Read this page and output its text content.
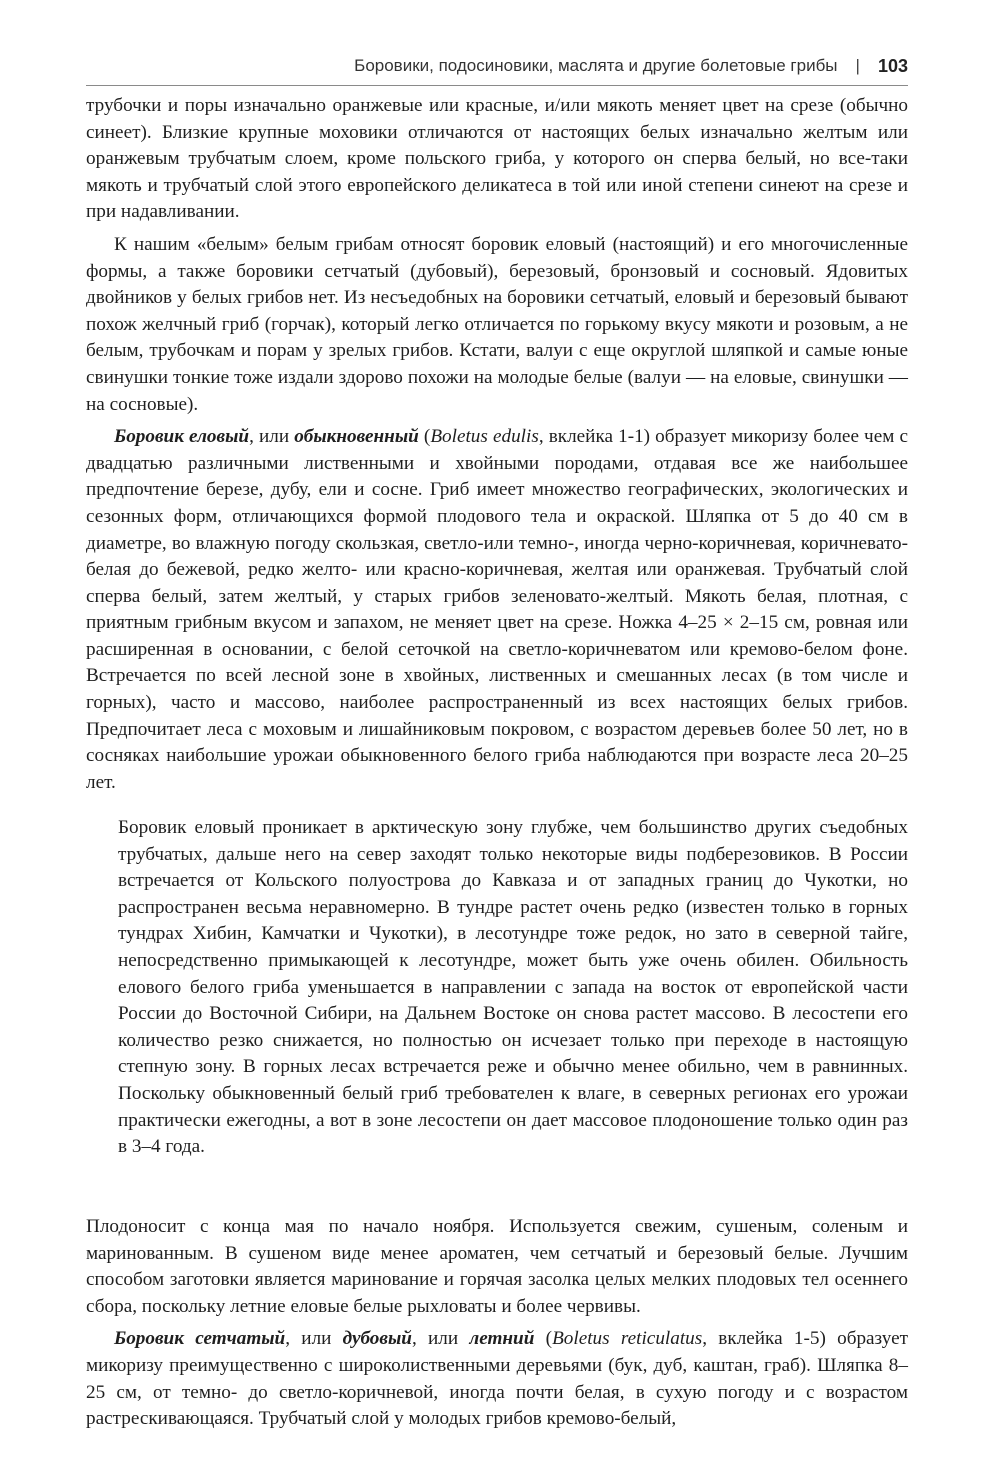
Боровики, подосиновики, маслята и другие болетовые грибы | 103

трубочки и поры изначально оранжевые или красные, и/или мякоть меняет цвет на срезе (обычно синеет). Близкие крупные моховики отличаются от настоящих белых изначально желтым или оранжевым трубчатым слоем, кроме польского гриба, у которого он сперва белый, но все-таки мякоть и трубчатый слой этого европейского деликатеса в той или иной степени синеют на срезе и при надавливании.

К нашим «белым» белым грибам относят боровик еловый (настоящий) и его многочисленные формы, а также боровики сетчатый (дубовый), березовый, бронзовый и сосновый. Ядовитых двойников у белых грибов нет. Из несъедобных на боровики сетчатый, еловый и березовый бывают похож желчный гриб (горчак), который легко отличается по горькому вкусу мякоти и розовым, а не белым, трубочкам и порам у зрелых грибов. Кстати, валуи с еще округлой шляпкой и самые юные свинушки тонкие тоже издали здорово похожи на молодые белые (валуи — на еловые, свинушки — на сосновые).

Боровик еловый, или обыкновенный (Boletus edulis, вклейка 1-1) образует микоризу более чем с двадцатью различными лиственными и хвойными породами, отдавая все же наибольшее предпочтение березе, дубу, ели и сосне. Гриб имеет множество географических, экологических и сезонных форм, отличающихся формой плодового тела и окраской. Шляпка от 5 до 40 см в диаметре, во влажную погоду скользкая, светло-или темно-, иногда черно-коричневая, коричневато-белая до бежевой, редко желто- или красно-коричневая, желтая или оранжевая. Трубчатый слой сперва белый, затем желтый, у старых грибов зеленовато-желтый. Мякоть белая, плотная, с приятным грибным вкусом и запахом, не меняет цвет на срезе. Ножка 4–25 × 2–15 см, ровная или расширенная в основании, с белой сеточкой на светло-коричневатом или кремово-белом фоне. Встречается по всей лесной зоне в хвойных, лиственных и смешанных лесах (в том числе и горных), часто и массово, наиболее распространенный из всех настоящих белых грибов. Предпочитает леса с моховым и лишайниковым покровом, с возрастом деревьев более 50 лет, но в сосняках наибольшие урожаи обыкновенного белого гриба наблюдаются при возрасте леса 20–25 лет.

Боровик еловый проникает в арктическую зону глубже, чем большинство других съедобных трубчатых, дальше него на север заходят только некоторые виды подберезовиков. В России встречается от Кольского полуострова до Кавказа и от западных границ до Чукотки, но распространен весьма неравномерно. В тундре растет очень редко (известен только в горных тундрах Хибин, Камчатки и Чукотки), в лесотундре тоже редок, но зато в северной тайге, непосредственно примыкающей к лесотундре, может быть уже очень обилен. Обильность елового белого гриба уменьшается в направлении с запада на восток от европейской части России до Восточной Сибири, на Дальнем Востоке он снова растет массово. В лесостепи его количество резко снижается, но полностью он исчезает только при переходе в настоящую степную зону. В горных лесах встречается реже и обычно менее обильно, чем в равнинных. Поскольку обыкновенный белый гриб требователен к влаге, в северных регионах его урожаи практически ежегодны, а вот в зоне лесостепи он дает массовое плодоношение только один раз в 3–4 года.

Плодоносит с конца мая по начало ноября. Используется свежим, сушеным, соленым и маринованным. В сушеном виде менее ароматен, чем сетчатый и березовый белые. Лучшим способом заготовки является маринование и горячая засолка целых мелких плодовых тел осеннего сбора, поскольку летние еловые белые рыхловаты и более червивы.

Боровик сетчатый, или дубовый, или летний (Boletus reticulatus, вклейка 1-5) образует микоризу преимущественно с широколиственными деревьями (бук, дуб, каштан, граб). Шляпка 8–25 см, от темно- до светло-коричневой, иногда почти белая, в сухую погоду и с возрастом растрескивающаяся. Трубчатый слой у молодых грибов кремово-белый,
